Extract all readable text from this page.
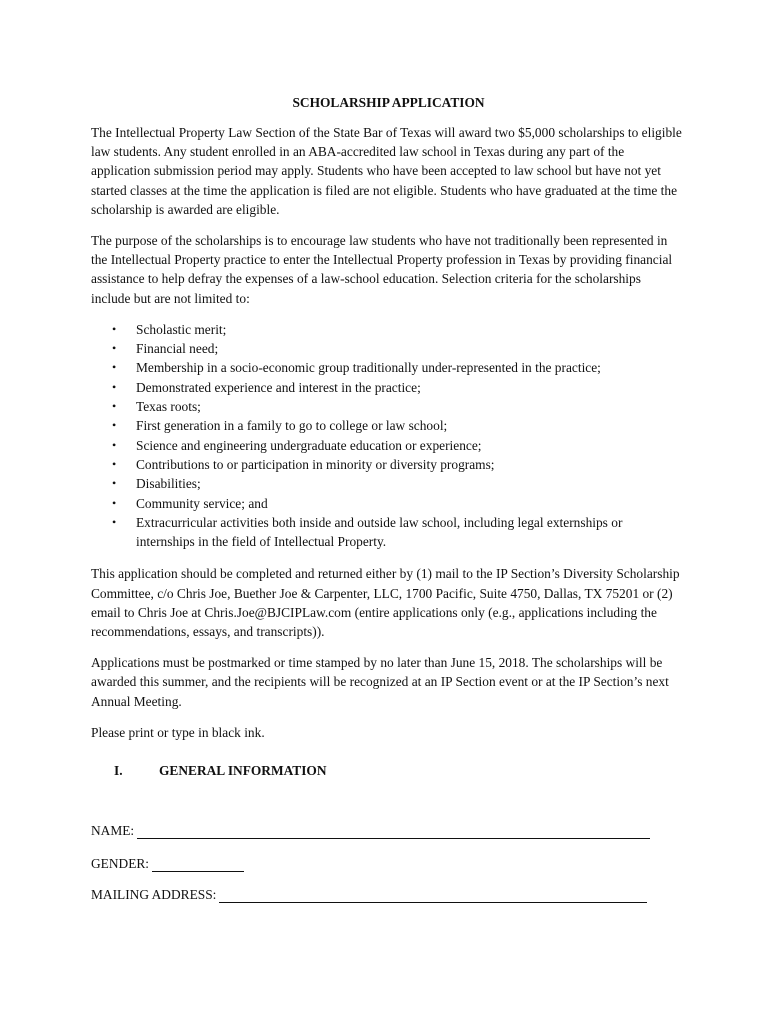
SCHOLARSHIP APPLICATION

The Intellectual Property Law Section of the State Bar of Texas will award two $5,000 scholarships to eligible law students. Any student enrolled in an ABA-accredited law school in Texas during any part of the application submission period may apply. Students who have been accepted to law school but have not yet started classes at the time the application is filed are not eligible. Students who have graduated at the time the scholarship is awarded are eligible.

The purpose of the scholarships is to encourage law students who have not traditionally been represented in the Intellectual Property practice to enter the Intellectual Property profession in Texas by providing financial assistance to help defray the expenses of a law-school education. Selection criteria for the scholarships include but are not limited to:

• Scholastic merit;
• Financial need;
• Membership in a socio-economic group traditionally under-represented in the practice;
• Demonstrated experience and interest in the practice;
• Texas roots;
• First generation in a family to go to college or law school;
• Science and engineering undergraduate education or experience;
• Contributions to or participation in minority or diversity programs;
• Disabilities;
• Community service; and
• Extracurricular activities both inside and outside law school, including legal externships or internships in the field of Intellectual Property.

This application should be completed and returned either by (1) mail to the IP Section’s Diversity Scholarship Committee, c/o Chris Joe, Buether Joe & Carpenter, LLC, 1700 Pacific, Suite 4750, Dallas, TX 75201 or (2) email to Chris Joe at Chris.Joe@BJCIPLaw.com (entire applications only (e.g., applications including the recommendations, essays, and transcripts)).

Applications must be postmarked or time stamped by no later than June 15, 2018. The scholarships will be awarded this summer, and the recipients will be recognized at an IP Section event or at the IP Section’s next Annual Meeting.

Please print or type in black ink.

I.	GENERAL INFORMATION
NAME:
GENDER:
MAILING ADDRESS:
